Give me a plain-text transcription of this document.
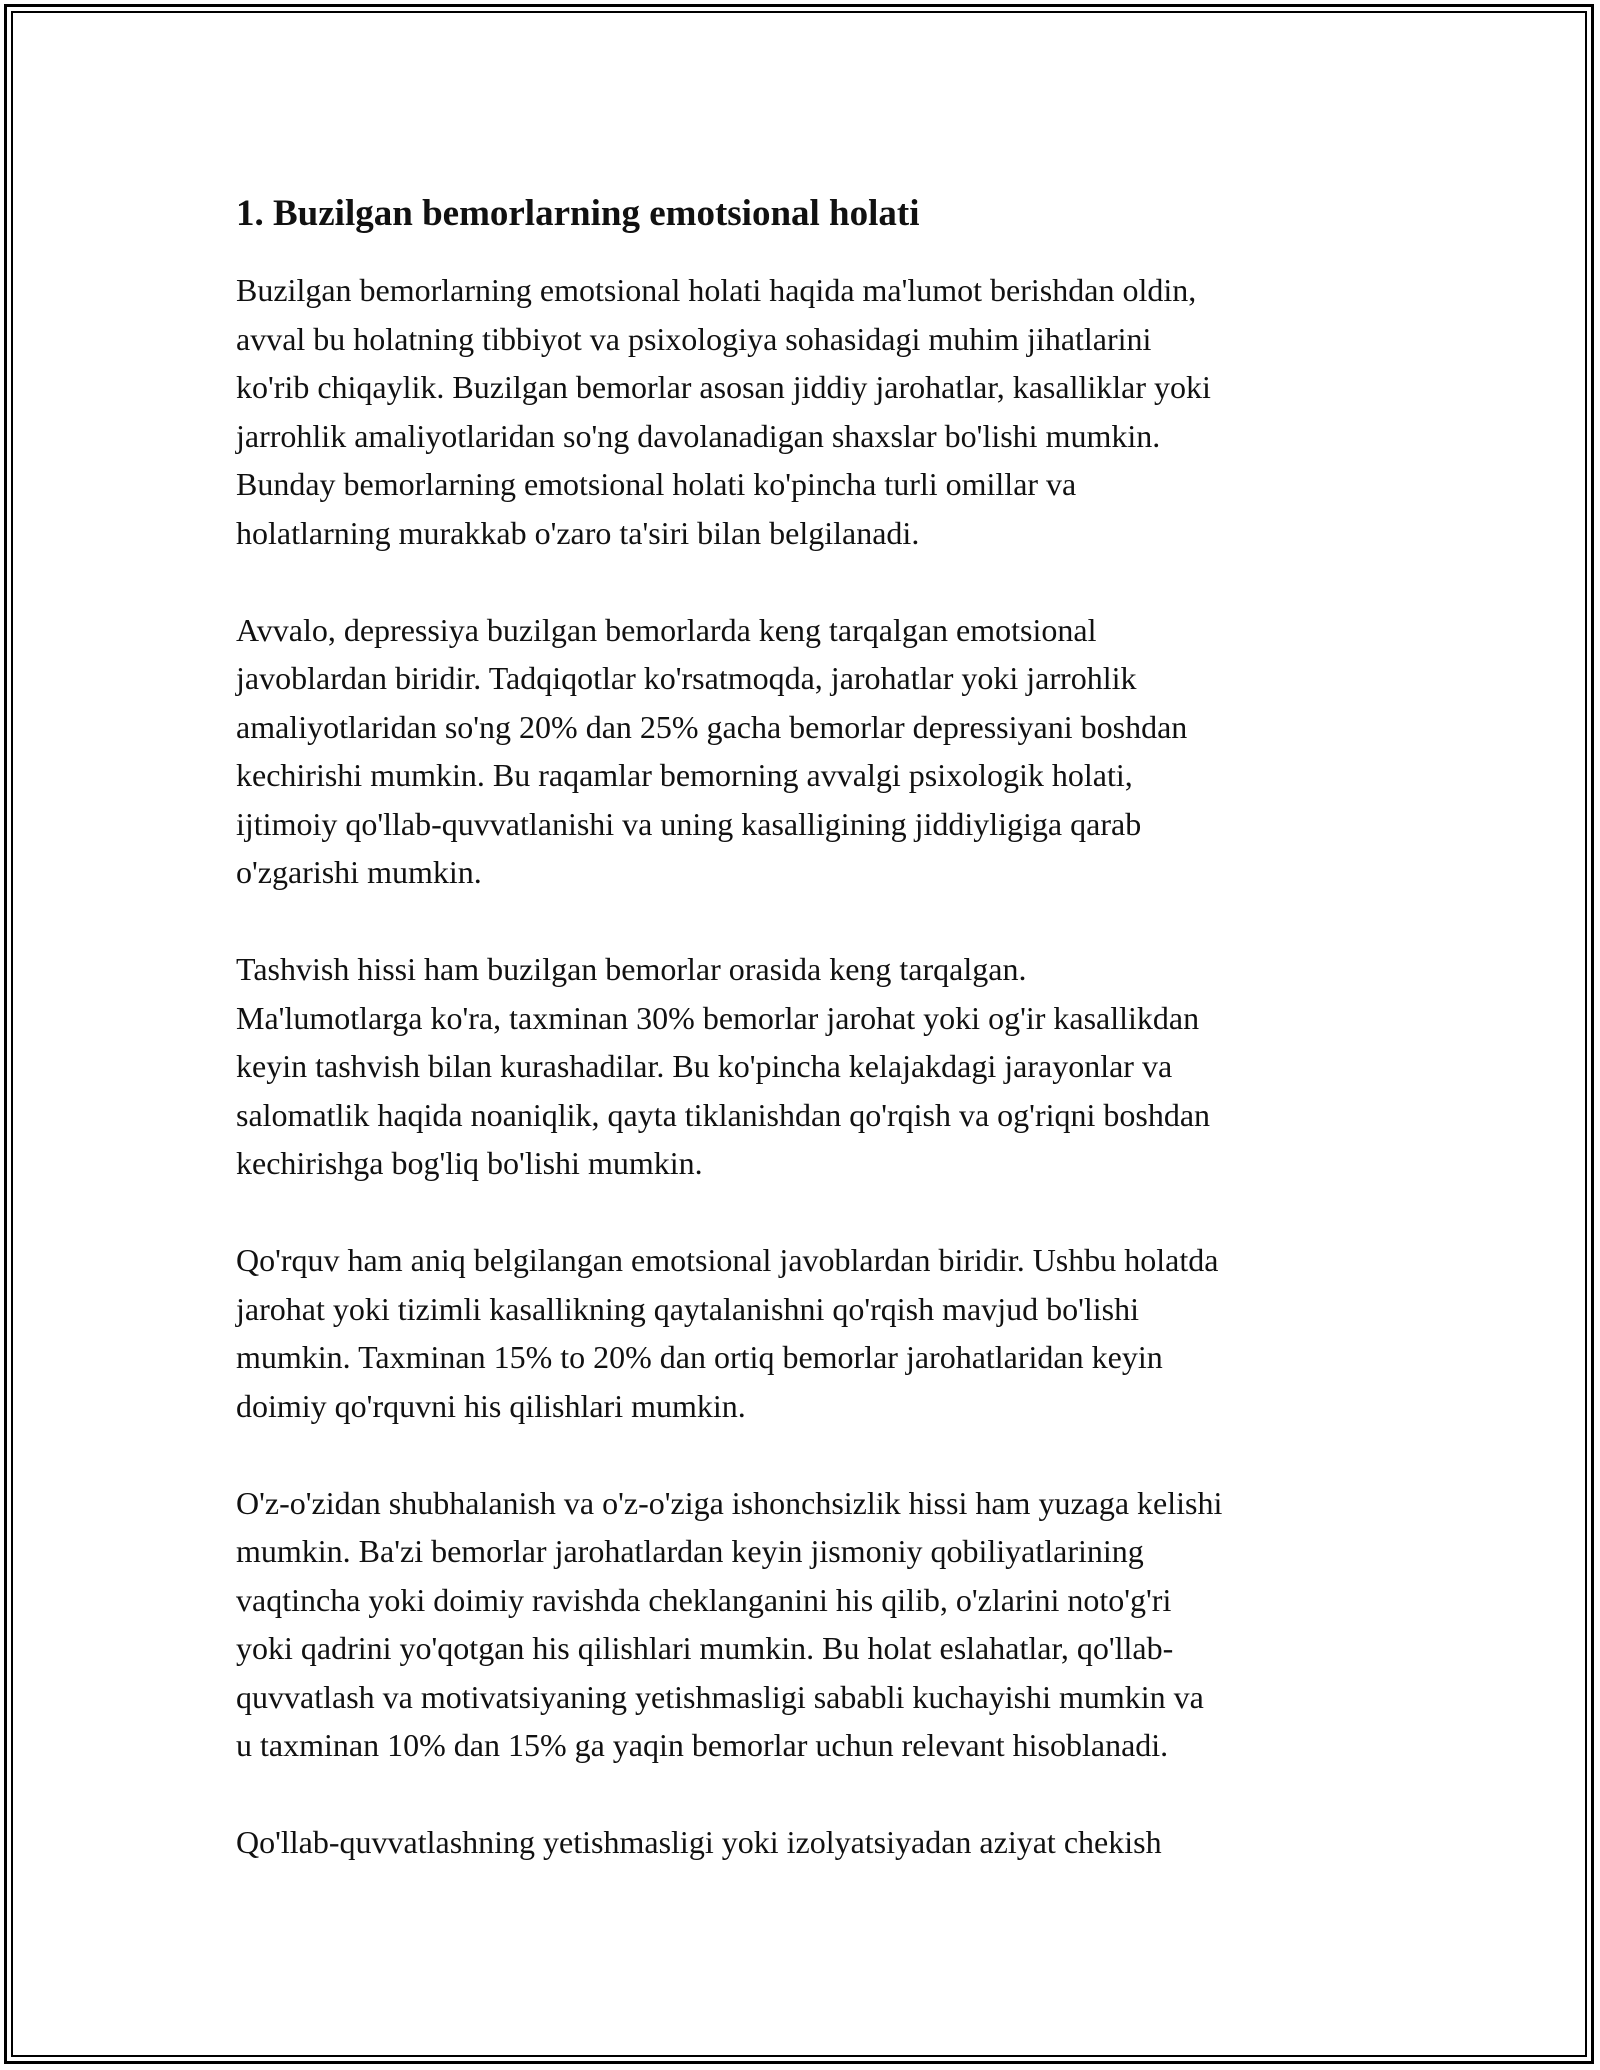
1. Buzilgan bemorlarning emotsional holati
Buzilgan bemorlarning emotsional holati haqida ma'lumot berishdan oldin,
avval bu holatning tibbiyot va psixologiya sohasidagi muhim jihatlarini
ko'rib chiqaylik. Buzilgan bemorlar asosan jiddiy jarohatlar, kasalliklar yoki
jarrohlik amaliyotlaridan so'ng davolanadigan shaxslar bo'lishi mumkin.
Bunday bemorlarning emotsional holati ko'pincha turli omillar va
holatlarning murakkab o'zaro ta'siri bilan belgilanadi.
Avvalo, depressiya buzilgan bemorlarda keng tarqalgan emotsional
javoblardan biridir. Tadqiqotlar ko'rsatmoqda, jarohatlar yoki jarrohlik
amaliyotlaridan so'ng 20% dan 25% gacha bemorlar depressiyani boshdan
kechirishi mumkin. Bu raqamlar bemorning avvalgi psixologik holati,
ijtimoiy qo'llab-quvvatlanishi va uning kasalligining jiddiyligiga qarab
o'zgarishi mumkin.
Tashvish hissi ham buzilgan bemorlar orasida keng tarqalgan.
Ma'lumotlarga ko'ra, taxminan 30% bemorlar jarohat yoki og'ir kasallikdan
keyin tashvish bilan kurashadilar. Bu ko'pincha kelajakdagi jarayonlar va
salomatlik haqida noaniqlik, qayta tiklanishdan qo'rqish va og'riqni boshdan
kechirishga bog'liq bo'lishi mumkin.
Qo'rquv ham aniq belgilangan emotsional javoblardan biridir. Ushbu holatda
jarohat yoki tizimli kasallikning qaytalanishni qo'rqish mavjud bo'lishi
mumkin. Taxminan 15% to 20% dan ortiq bemorlar jarohatlaridan keyin
doimiy qo'rquvni his qilishlari mumkin.
O'z-o'zidan shubhalanish va o'z-o'ziga ishonchsizlik hissi ham yuzaga kelishi
mumkin. Ba'zi bemorlar jarohatlardan keyin jismoniy qobiliyatlarining
vaqtincha yoki doimiy ravishda cheklanganini his qilib, o'zlarini noto'g'ri
yoki qadrini yo'qotgan his qilishlari mumkin. Bu holat eslahatlar, qo'llab-
quvvatlash va motivatsiyaning yetishmasligi sababli kuchayishi mumkin va
u taxminan 10% dan 15% ga yaqin bemorlar uchun relevant hisoblanadi.
Qo'llab-quvvatlashning yetishmasligi yoki izolyatsiyadan aziyat chekish
